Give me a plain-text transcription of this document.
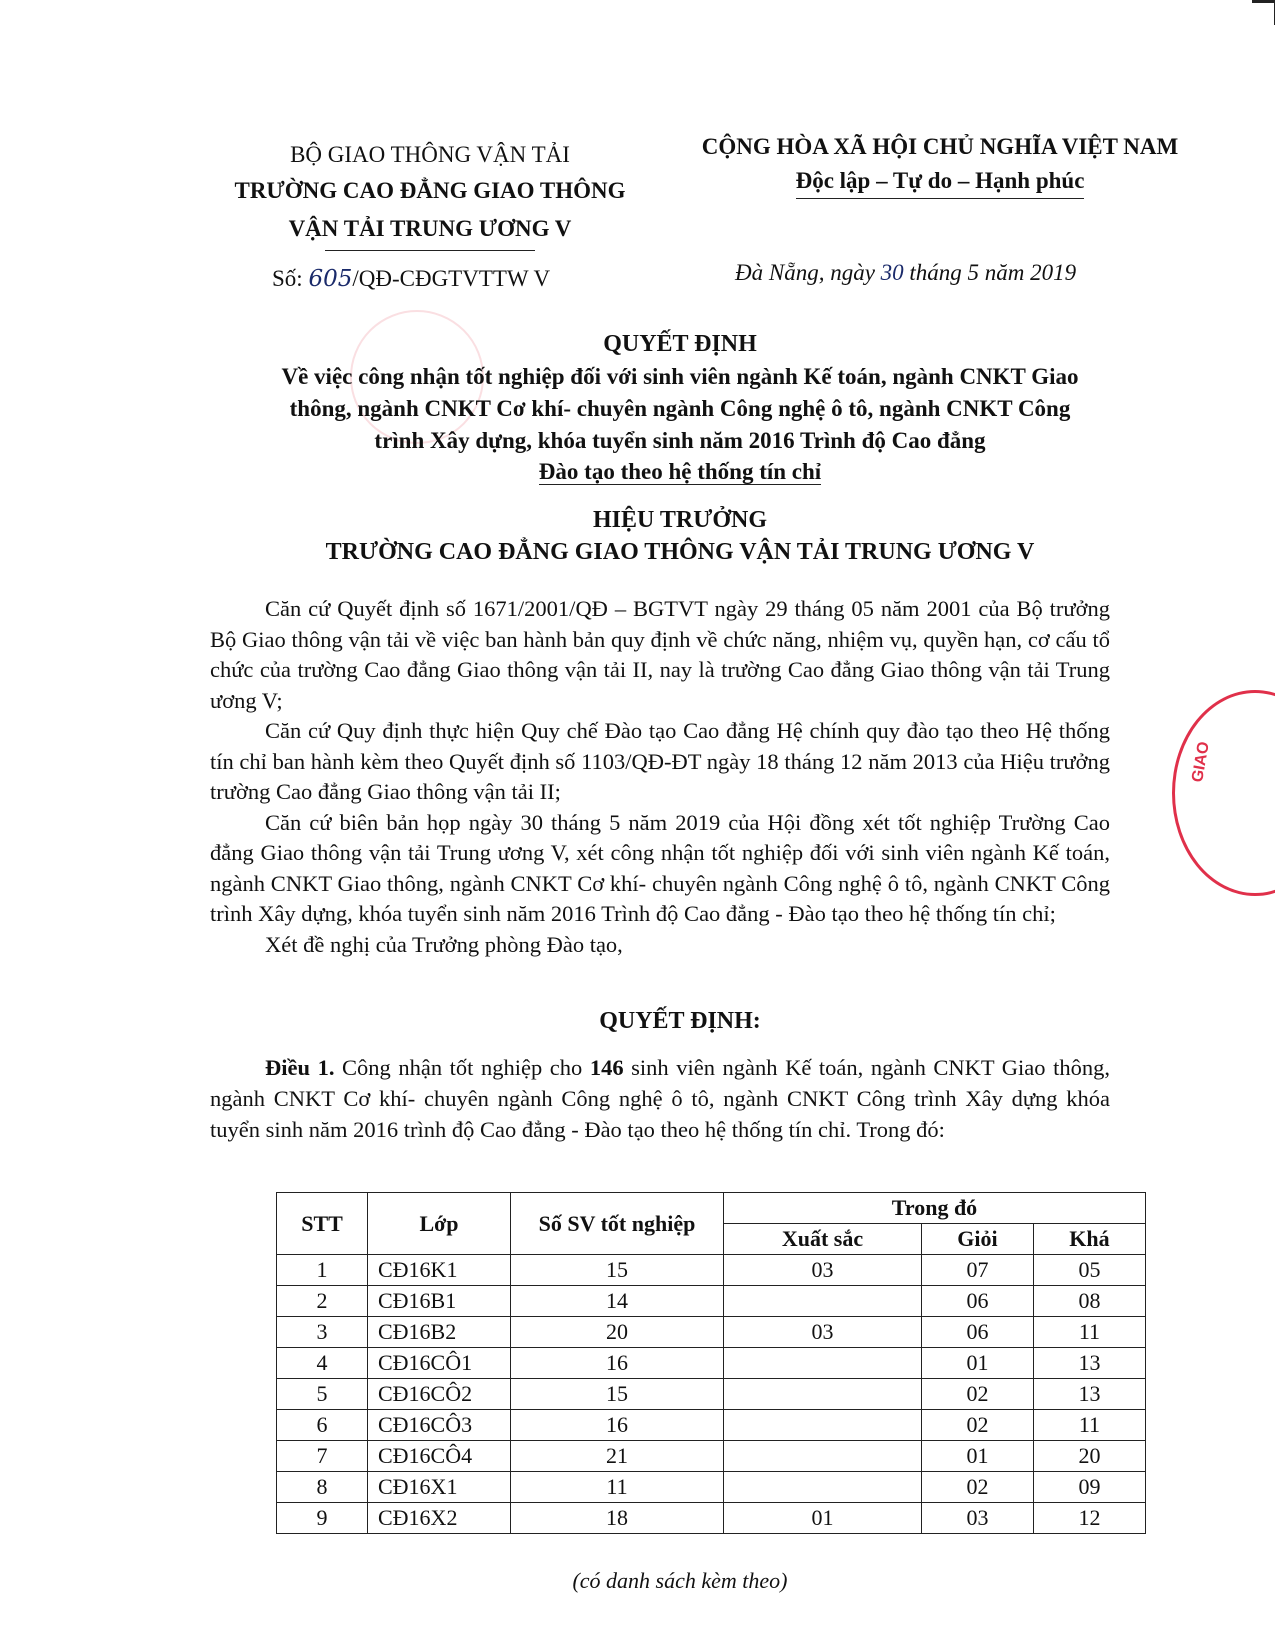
GIAO
BỘ GIAO THÔNG VẬN TẢI
TRƯỜNG CAO ĐẲNG GIAO THÔNG
VẬN TẢI TRUNG ƯƠNG V
CỘNG HÒA XÃ HỘI CHỦ NGHĨA VIỆT NAM
Độc lập – Tự do – Hạnh phúc
Số: 605/QĐ-CĐGTVTTW V	Đà Nẵng, ngày 30 tháng 5 năm 2019
QUYẾT ĐỊNH
Về việc công nhận tốt nghiệp đối với sinh viên ngành Kế toán, ngành CNKT Giao
thông, ngành CNKT Cơ khí- chuyên ngành Công nghệ ô tô, ngành CNKT Công
trình Xây dựng, khóa tuyển sinh năm 2016 Trình độ Cao đẳng
Đào tạo theo hệ thống tín chỉ
HIỆU TRƯỞNG
TRƯỜNG CAO ĐẲNG GIAO THÔNG VẬN TẢI TRUNG ƯƠNG V

Căn cứ Quyết định số 1671/2001/QĐ – BGTVT ngày 29 tháng 05 năm 2001 của Bộ trưởng Bộ Giao thông vận tải về việc ban hành bản quy định về chức năng, nhiệm vụ, quyền hạn, cơ cấu tổ chức của trường Cao đẳng Giao thông vận tải II, nay là trường Cao đẳng Giao thông vận tải Trung ương V;

Căn cứ Quy định thực hiện Quy chế Đào tạo Cao đẳng Hệ chính quy đào tạo theo Hệ thống tín chỉ ban hành kèm theo Quyết định số 1103/QĐ-ĐT ngày 18 tháng 12 năm 2013 của Hiệu trưởng trường Cao đẳng Giao thông vận tải II;

Căn cứ biên bản họp ngày 30 tháng 5 năm 2019 của Hội đồng xét tốt nghiệp Trường Cao đẳng Giao thông vận tải Trung ương V, xét công nhận tốt nghiệp đối với sinh viên ngành Kế toán, ngành CNKT Giao thông, ngành CNKT Cơ khí- chuyên ngành Công nghệ ô tô, ngành CNKT Công trình Xây dựng, khóa tuyển sinh năm 2016 Trình độ Cao đẳng - Đào tạo theo hệ thống tín chỉ;

Xét đề nghị của Trưởng phòng Đào tạo,

QUYẾT ĐỊNH:

Điều 1. Công nhận tốt nghiệp cho 146 sinh viên ngành Kế toán, ngành CNKT Giao thông, ngành CNKT Cơ khí- chuyên ngành Công nghệ ô tô, ngành CNKT Công trình Xây dựng khóa tuyển sinh năm 2016 trình độ Cao đẳng - Đào tạo theo hệ thống tín chỉ. Trong đó:

STT	Lớp	Số SV tốt nghiệp	Trong đó		
			Xuất sắc	Giỏi	Khá
1	CĐ16K1	15	03	07	05
2	CĐ16B1	14		06	08
3	CĐ16B2	20	03	06	11
4	CĐ16CÔ1	16		01	13
5	CĐ16CÔ2	15		02	13
6	CĐ16CÔ3	16		02	11
7	CĐ16CÔ4	21		01	20
8	CĐ16X1	11		02	09
9	CĐ16X2	18	01	03	12
(có danh sách kèm theo)
